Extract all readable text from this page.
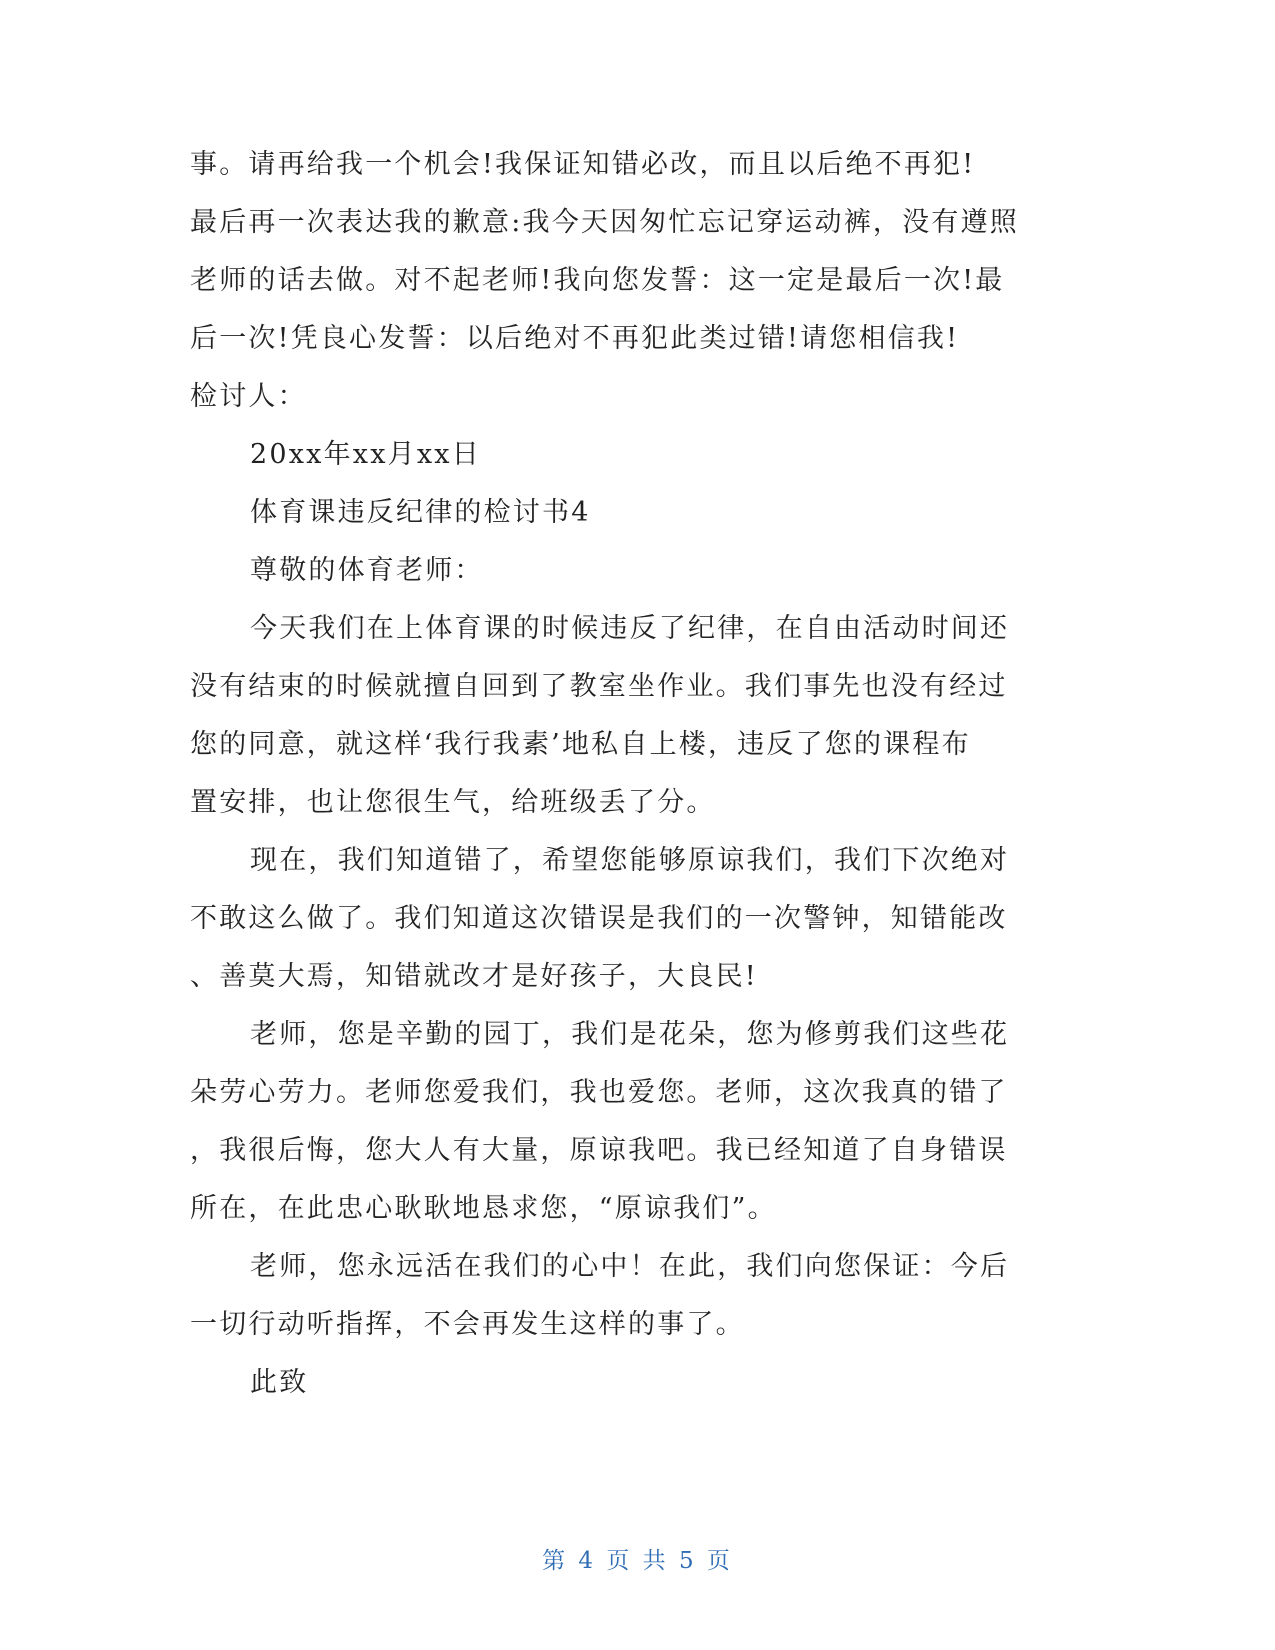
事。请再给我一个机会!我保证知错必改，而且以后绝不再犯!
最后再一次表达我的歉意:我今天因匆忙忘记穿运动裤，没有遵照
老师的话去做。对不起老师!我向您发誓：这一定是最后一次!最
后一次!凭良心发誓：以后绝对不再犯此类过错!请您相信我!
检讨人：
20xx年xx月xx日
体育课违反纪律的检讨书4
尊敬的体育老师：
今天我们在上体育课的时候违反了纪律，在自由活动时间还
没有结束的时候就擅自回到了教室坐作业。我们事先也没有经过
您的同意，就这样‘我行我素’地私自上楼，违反了您的课程布
置安排，也让您很生气，给班级丢了分。
现在，我们知道错了，希望您能够原谅我们，我们下次绝对
不敢这么做了。我们知道这次错误是我们的一次警钟，知错能改
、善莫大焉，知错就改才是好孩子，大良民!
老师，您是辛勤的园丁，我们是花朵，您为修剪我们这些花
朵劳心劳力。老师您爱我们，我也爱您。老师，这次我真的错了
，我很后悔，您大人有大量，原谅我吧。我已经知道了自身错误
所在，在此忠心耿耿地恳求您，“原谅我们”。
老师，您永远活在我们的心中！在此，我们向您保证：今后
一切行动听指挥，不会再发生这样的事了。
此致
第 4 页 共 5 页
